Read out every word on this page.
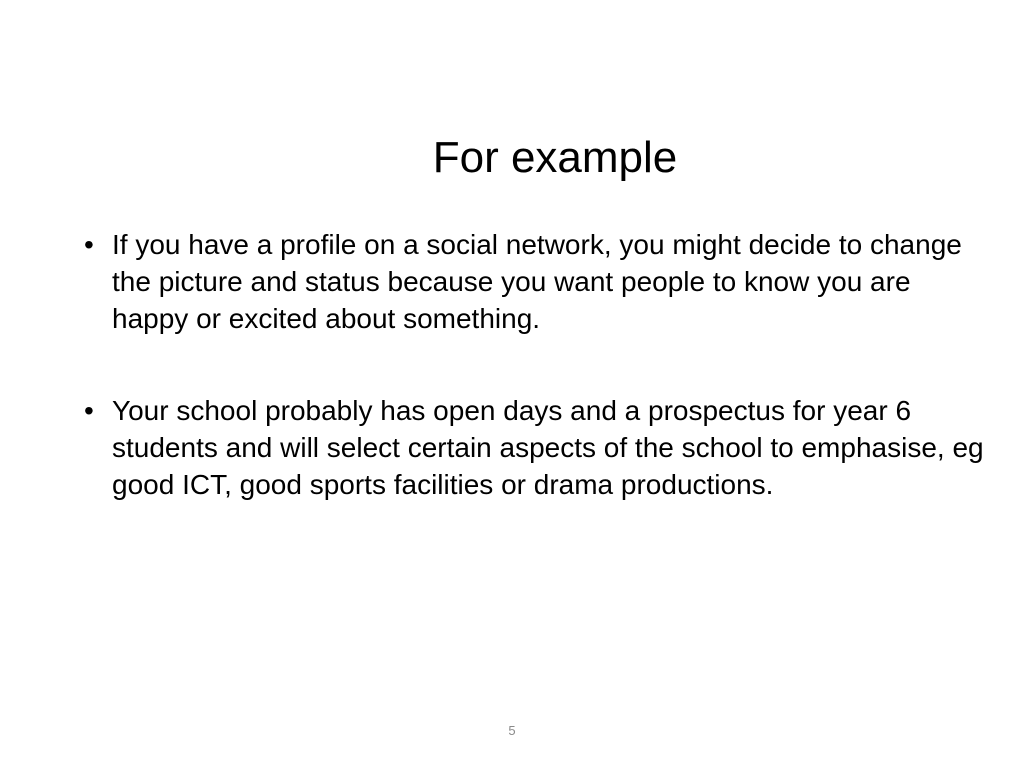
For example
• If you have a profile on a social network, you might decide to change the picture and status because you want people to know you are happy or excited about something.
• Your school probably has open days and a prospectus for year 6 students and will select certain aspects of the school to emphasise, eg good ICT, good sports facilities or drama productions.
5
